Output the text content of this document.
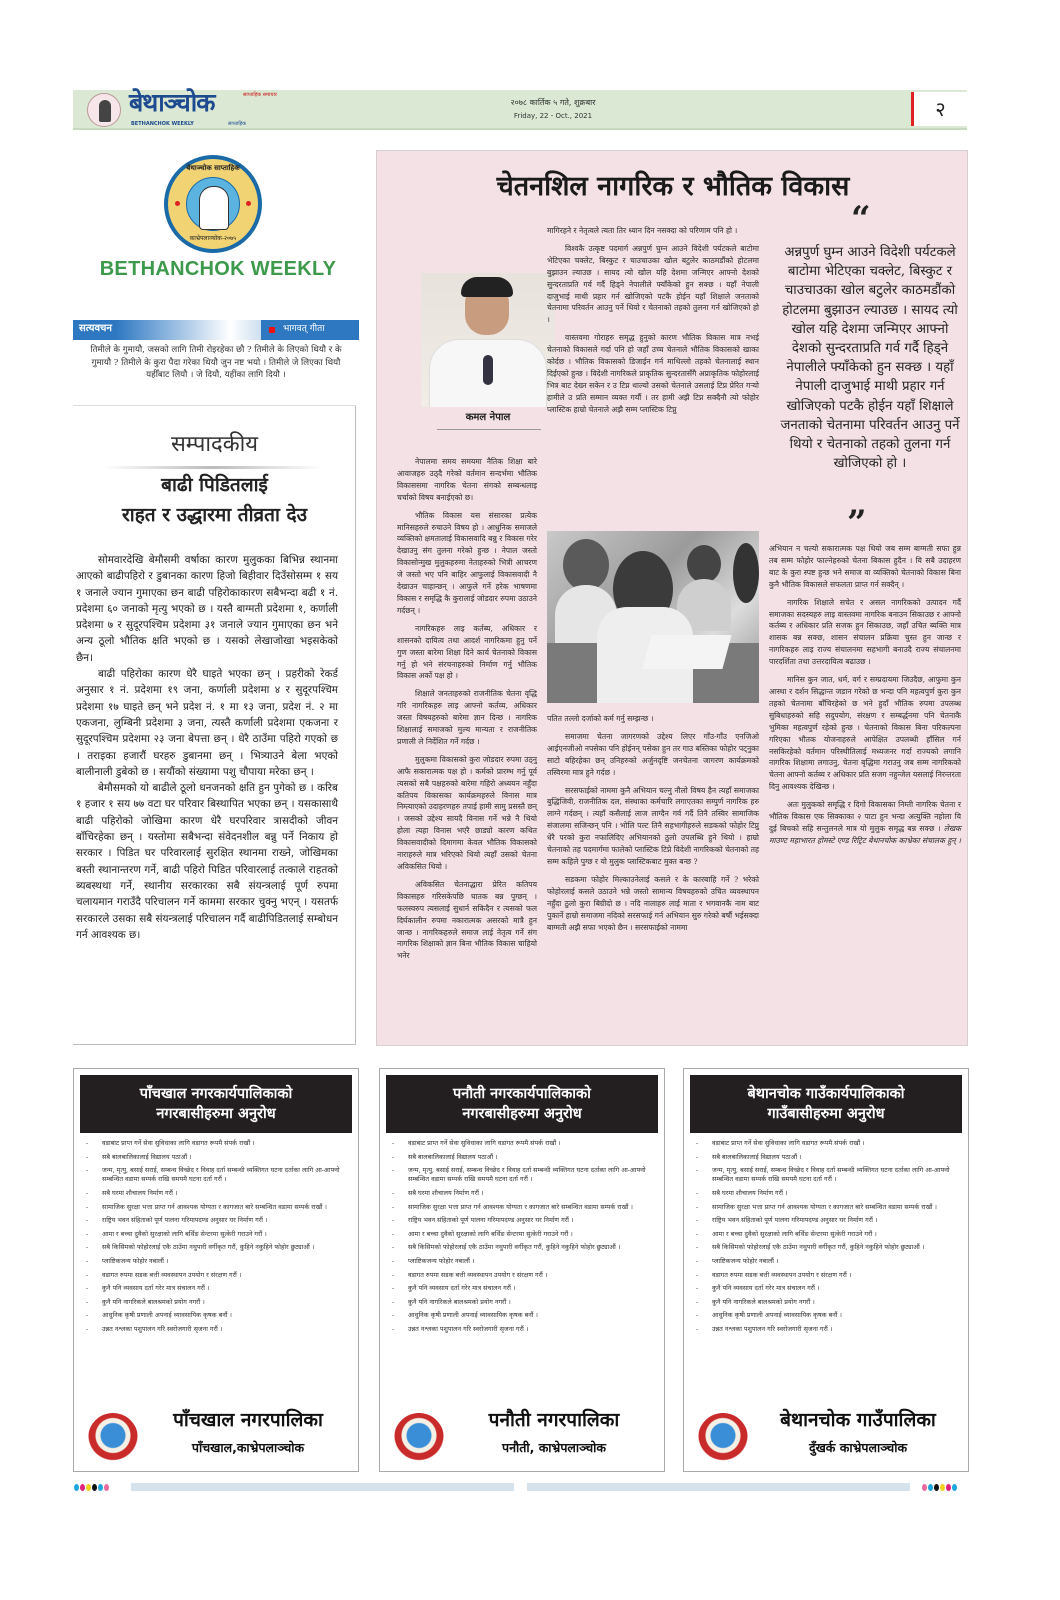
साप्ताहिक समाचार
बेथाञ्चोक
BETHANCHOK WEEKLY	साप्ताहिक
२०७८ कार्तिक ५ गते, शुक्रबार
Friday, 22 - Oct., 2021	२
बेथाञ्चोक साप्ताहिक
काभ्रेपलाञ्चोक-२०७५
BETHANCHOK WEEKLY
सत्यवचन	भागवत् गीता
तिमीले के गुमायौ, जसको लागि तिमी रोइरहेका छौ ? तिमीले के लिएको थियौ र के गुमायौ ? तिमीले के कुरा पैदा गरेका थियौ जुन नष्ट भयो । तिमीले जे लिएका थियौ यहीँबाट लियौ । जे दियौ, यहींका लागि दियौ ।
सम्पादकीय
बाढी पिडितलाई
राहत र उद्धारमा तीव्रता देउ

सोमवारदेखि बेमौसमी वर्षाका कारण मुलुकका बिभिन्न स्थानमा आएको बाढीपहिरो र डुबानका कारण हिजो बिहीवार दिउँसोसम्म १ सय १ जनाले ज्यान गुमाएका छन बाढी पहिरोकाकारण सबैभन्दा बढी १ नं. प्रदेशमा ६० जनाको मृत्यु भएको छ । यस्तै बाग्मती प्रदेशमा १, कर्णाली प्रदेशमा ७ र सुदूरपश्चिम प्रदेशमा ३१ जनाले ज्यान गुमाएका छन भने अन्य ठूलो भौतिक क्षति भएको छ । यसको लेखाजोखा भइसकेको छैन।

बाढी पहिरोका कारण धेरै घाइते भएका छन् । प्रहरीको रेकर्ड अनुसार १ नं. प्रदेशमा १९ जना, कर्णाली प्रदेशमा ४ र सुदूरपश्चिम प्रदेशमा १७ घाइते छन् भने प्रदेश नं. १ मा १३ जना, प्रदेश नं. २ मा एकजना, लुम्बिनी प्रदेशमा ३ जना, त्यस्तै कर्णाली प्रदेशमा एकजना र सुदूरपश्चिम प्रदेशमा २३ जना बेपत्ता छन् । धेरै ठाउँमा पहिरो गएको छ । तराइका हजारौं घरहरु डुबानमा छन् । भित्र्याउने बेला भएको बालीनाली डुबेको छ । सयौंको संख्यामा पशु चौपाया मरेका छन् ।

बेमौसमको यो बाढीले ठूलो धनजनको क्षति हुन पुगेको छ । करिब १ हजार १ सय ७७ वटा घर परिवार बिस्थापित भएका छन् । यसकासाथै बाढी पहिरोको जोखिमा कारण धेरै घरपरिवार त्रासदीको जीवन बाँचिरहेका छन् । यस्तोमा सबैभन्दा संवेदनशील बन्नु पर्ने निकाय हो सरकार । पिडित घर परिवारलाई सुरक्षित स्थानमा राख्ने, जोखिमका बस्ती स्थानान्तरण गर्ने, बाढी पहिरो पिडित परिवारलाई तत्काले राहतको ब्यबस्थथा गर्ने, स्थानीय सरकारका सबै संयन्त्रलाई पूर्ण रुपमा चलायमान गराउँदै परिचालन गर्ने काममा सरकार चुक्नु भएन् । यसतर्फ सरकारले उसका सबै संयन्त्रलाई परिचालन गर्दै बाढीपिडितलाई सम्बोधन गर्न आवश्यक छ।

चेतनशिल नागरिक र भौतिक विकास
“
अन्नपुर्ण घुम्न आउने विदेशी पर्यटकले बाटोमा भेटिएका चक्लेट, बिस्कुट र चाउचाउका खोल बटुलेर काठमडौंको होटलमा बुझाउन ल्याउछ । सायद त्यो खोल यहि देशमा जन्मिएर आफ्नो देशको सुन्दरताप्रति गर्व गर्दै हिड्ने नेपालीले फ्याँकेको हुन सक्छ । यहाँ नेपाली दाजुभाई माथी प्रहार गर्न खोजिएको पटकै होईन यहाँ शिक्षाले जनताको चेतनामा परिवर्तन आउनु पर्ने थियो र चेतनाको तहको तुलना गर्न खोजिएको हो ।
”
कमल नेपाल

नेपालमा समय समयमा नैतिक शिक्षा बारे आवाजहरु उठ्दै गरेको वर्तमान सन्दर्भमा भौतिक विकाससमा नागरिक चेतना संगको सम्बन्धलाइ चर्चाको विषय बनाईएको छ।

भौतिक विकास यस संसारका प्रत्येक मानिसहरुले रुचाउने विषय हो । आधुनिक समाजले व्यक्तिको क्षमतालाई विकासवादि बन्नु र विकास गरेर देखाउनु संग तुलना गरेको हुन्छ । नेपाल जस्तो विकासोन्मुख मुलुकहरुमा नेताहरुको भित्री आचरण जे जस्तो भए पनि बाहिर आफुलाई विकासवादी नै देखाउन चाहान्छन् । आफुले गर्ने हरेक भाषणमा विकास र समृद्धि कै कुरालाई जोडदार रुपमा उठाउने गर्दछन् ।

नागरिकहरु लाइ कर्तब्य, अधिकार र शासनको दायित्व तथा आदर्श नागरिकमा हुनु पर्ने गुण जस्ता बारेमा शिक्षा दिने कार्य चेतनाको विकास गर्नु हो भने संरचनाहरुको निर्माण गर्नु भौतिक विकास अर्को पक्ष हो ।

शिक्षाले जनताहरुको राजनीतिक चेतना वृद्धि गरि नागरिकहरु लाइ आफ्नो कर्तव्य, अधिकार जस्ता विषयहरुको बारेमा ज्ञान दिन्छ । नागरिक शिक्षालाई समाजको मुल्य मान्यता र राजनीतिक प्रणाली ले निर्देशित गर्ने गर्दछ ।

मुलुकमा विकासको कुरा जोडदार रुपमा उठ्नु आफै सकारात्मक पक्ष हो । कर्मको प्रारम्भ गर्नु पूर्व त्यसको सबै पक्षहरुको बारेमा गहिरो अध्ययन नहुँदा कतिपय विकासका कार्यक्रमहरुले विनास मात्र निम्त्याएको उदाहरणहरु तपाई हामी सामु प्रसस्तै छन् । जसको उद्देश्य सायदै विनास गर्ने भन्ने नै थियो होला त्यहा विनास भएरै छाड्यो कारण कथित विकासवादीको दिमागमा केवल भौतिक विकासको नाराहरुले मात्र भरिएको थियो त्यहाँ उसको चेतना अविकसित थियो ।

अविकसित चेतनाद्धारा प्रेरित कतिपय विकासहरु गरिसकेपछि घातक बन्न पुग्छन् । फलस्वरुप त्यसलाई सुधार्न सकिदैन र त्यसको फल दिर्घकालीन रुपमा नकारात्मक असरको मात्रै हुन जान्छ । नागरिकहरुले समाज लाई नेतृत्व गर्ने संग नागरिक शिक्षाको ज्ञान बिना भौतिक विकास चाहियो भनेर

मागिरहने र नेतृत्वले त्यता तिर ध्यान दिन नसक्दा को परिणाम पनि हो ।

विश्वकै उत्कृष्ट पदमार्ग अन्नपुर्ण घुम्न आउने विदेशी पर्यटकले बाटोमा भेटिएका चक्लेट, बिस्कुट र चाउचाउका खोल बटुलेर काठमडौंको होटलमा बुझाउन ल्याउछ । सायद त्यो खोल यहि देशमा जन्मिएर आफ्नो देशको सुन्दरताप्रति गर्व गर्दै हिड्ने नेपालीले फ्याँकेको हुन सक्छ । यहाँ नेपाली दाजुभाई माथी प्रहार गर्न खोजिएको पटकै होईन यहाँ शिक्षाले जनताको चेतनामा परिवर्तन आउनु पर्ने थियो र चेतनाको तहको तुलना गर्न खोजिएको हो ।

वास्तवमा गोराहरु समृद्ध हुनुको कारण भौतिक विकास मात्र नभई चेतनाको विकासले गर्दा पनि हो जहाँ उच्च चेतनाले भौतिक विकासको खाका कोर्दछ । भौतिक विकासको डिजाईन गर्न माथिल्लो तहको चेतनालाई स्थान दिईएको हुन्छ । विदेशी नागरिकले प्राकृतिक सुन्दरतासँगै अप्राकृतिक फोहोरलाई भित्र बाट देख्न सकेन र उ टिप्न थाल्यो उसको चेतनाले उसलाई टिप्न प्रेरित गर्‍यो हामीले उ प्रति सम्मान व्यक्त गर्यौ । तर हामी अझै टिप्न सक्दैनौ त्यो फोहोर प्लास्टिक हाम्रो चेतनाले अझै सम्म प्लास्टिक टिप्नु

पतित तल्लो दर्जाको कर्म गर्नु सम्झन्छ ।

समाजमा चेतना जागरणको उद्देश्य लिएर गाँउ-गाँउ एनजिओ आईएनजीओ नपसेका पनि होईनन् पसेका हुन तर गाउ बस्तिका फोहोर पट्नुका साटो बहिरहेका छन् उनिहरुको अर्जुनदृष्टि जनचेतना जागरण कार्यक्रमको तस्विरमा मात्र हुने गर्दछ ।

सरसफाईको नाममा कुनै अभियान चल्नु नौलो विषय हैन त्यहाँ समाजका बुद्धिजिवी, राजनीतिक दल, संस्थाका कर्मचारि लगाएतका सम्पुर्ण नागरिक हरु लाग्ने गर्दछन् । त्यहाँ कसैलाई लाज लाग्दैन गर्व गर्दै तिनै तस्विर सामाजिक संजालमा सजिन्छन् पनि । भोलि पल्ट तिनै सहभागीहरुले सडकको फोहोर टिप्नु धेरै परको कुरा नफालिदिए अभियानको ठुलो उपलब्धि हुने थियो । हाम्रो चेतनाको तह पदमार्गमा फालेको प्लास्टिक टिप्ने विदेशी नागरिकको चेतनाको तह सम्म कहिले पुग्छ र यो मुलुक प्लास्टिकबाट मुक्त बन्छ ?

सडकमा फोहोर मिल्काउनेलाई कसले र के कारबाहि गर्ने ? भरेको फोहोरलाई कसले उठाउने भन्ने जस्तो सामान्य विषयहरुको उचित व्यवस्थापन नहुँदा ठुलो कुरा बिग्रीदो छ । नदि नालाहरु लाई माता र भगवानकै नाम बाट पुकार्ने हाम्रो समाजमा नदिको सरसफाई गर्न अभियान सुरु गरेको बर्षौ भईसक्दा बाग्मती अझै सफा भएको छैन । सरसफाईको नाममा

अभियान न चल्यो सकारात्मक पक्ष थियो जब सम्म बाग्मती सफा हुन्न तब सम्म फोहोर फाल्नेहरुको चेतना बिकास हुदैन । यि सबै उदाहरण बाट के कुरा स्पष्ट हुन्छ भने समाज वा व्यक्तिको चेतनाको विकास बिना कुनै भौतिक विकासले सफलता प्राप्त गर्न सक्दैन् ।

नागरिक शिक्षाले सचेत र असल नागरिकको उत्पादन गर्दै समाजका सदस्यहरु लाइ वास्तवमा नागरिक बनाउन सिकाउछ र आफ्नो कर्तब्य र अधिकार प्रति सजक हुन सिकाउछ, जहाँ उचित ब्यक्ति मात्र शासक बन्न सक्छ, शासन संचालन प्रक्रिया चुस्त हुन जान्छ र नागरिकहरु लाइ राज्य संचालनमा सहभागी बनाउदै राज्य संचालनमा पारदर्शिता तथा उत्तरदायित्व बढाउछ ।

मानिस कुन जात, धर्म, वर्ग र सम्प्रदायमा जिउदैछ, आफुमा कुन आस्था र दर्शन सिद्धान्त जडान गरेको छ भन्दा पनि महत्वपुर्ण कुरा कुन तहको चेतनामा बाँचिरहेको छ भने हुदाँ भौतिक रुपमा उपलब्ध सुबिधाहरुको सहि सदुपयोग, संरक्षण र सम्बर्द्धनमा पनि चेतनाकै भुमिका महत्वपुर्ण रहेको हुन्छ । चेतनाको विकास बिना परिकल्पना गरिएका भौतक योजनाहरुले आपेक्षित उपलब्धी हाँसिल गर्न नसकिरहेको वर्तमान परिस्थीतिलाई मध्यजनर गर्दा राज्यको लगानि नागरिक शिक्षामा लगाउनु, चेतना बृद्धिमा गराउनु जब सम्म नागरिकको चेतना आफ्नो कर्तब्य र अधिकार प्रति सजग नहुन्जेल यसलाई निरन्तरता दिनु आवश्यक देखिन्छ ।

अतः मुलुकको समृद्धि र दिगो विकासका निम्ती नागरिक चेतना र भौतिक विकास एक सिक्काका २ पाटा हुन भन्दा अत्युक्ति नहोला यि दुई बिचको सहि सन्तुलनले मात्र यो मुलुक समृद्ध बन्न सक्छ । लेखक माउण्ट महाभारत होमस्टे एण्ड रिट्रिट बेथानचोक काभ्रेका संचालक हुन् ।

पाँचखाल नगरकार्यपालिकाको
नगरबासीहरुमा अनुरोध
- वडाबाट प्राप्त गर्ने सेवा सुविधाका लागि वडागत रूपमै संपर्क राखौं ।
- सबै बालबालिकालाई विद्यालय पठाऔं ।
- जन्म, मृत्यु, बसाई सराई, सम्बन्ध विच्छेद र विवाह दर्ता सम्बन्धी व्यक्तिगत घटना दर्ताका लागि आ-आफ्नो सम्बन्धित वडामा सम्पर्क राखि समयमै घटना दर्ता गरौं ।
- सबै घरमा शौचालय निर्माण गरौं ।
- सामाजिक सुरक्षा भत्ता प्राप्त गर्न आवश्यक योग्यता र कागजात बारे सम्बन्धित वडामा सम्पर्क राखौं ।
- राष्ट्रिय भवन संहिताको पूर्ण पालना गरिमापदण्ड अनुसार घर निर्माण गरौं ।
- आमा र बच्चा दुवैको सुरक्षाको लागि बर्थिङ सेन्टरमा सुत्केरी गराउने गरौं ।
- सबै किसिमको फोहोरलाई एकै ठाउँमा नथुपारी वर्गीकृत गरौं, कुहिने नकुहिने फोहोर छुट्याऔं ।
- प्लाष्टिकजन्य फोहोर नबालौं ।
- वडागत रुपमा सडक बत्ती व्यवस्थापन उपयोग र संरक्षण गरौं ।
- कुनै पनि व्यवसाय दर्ता गरेर मात्र संचालन गरौं ।
- कुनै पनि नागरिकले बालश्रमको प्रयोग नगरौं ।
- आधुनिक कृषी प्रणाली अपनाई व्यावसायिक कृषक बनौं ।
- उन्नत नश्लका पशुपालन गरि स्वरोजगारी सृजना गरौं ।
पाँचखाल नगरपालिका
पाँचखाल,काभ्रेपलाञ्चोक
पनौती नगरकार्यपालिकाको
नगरबासीहरुमा अनुरोध
- वडाबाट प्राप्त गर्ने सेवा सुविधाका लागि वडागत रूपमै संपर्क राखौं ।
- सबै बालबालिकालाई विद्यालय पठाऔं ।
- जन्म, मृत्यु, बसाई सराई, सम्बन्ध विच्छेद र विवाह दर्ता सम्बन्धी व्यक्तिगत घटना दर्ताका लागि आ-आफ्नो सम्बन्धित वडामा सम्पर्क राखि समयमै घटना दर्ता गरौं ।
- सबै घरमा शौचालय निर्माण गरौं ।
- सामाजिक सुरक्षा भत्ता प्राप्त गर्न आवश्यक योग्यता र कागजात बारे सम्बन्धित वडामा सम्पर्क राखौं ।
- राष्ट्रिय भवन संहिताको पूर्ण पालना गरिमापदण्ड अनुसार घर निर्माण गरौं ।
- आमा र बच्चा दुवैको सुरक्षाको लागि बर्थिङ सेन्टरमा सुत्केरी गराउने गरौं ।
- सबै किसिमको फोहोरलाई एकै ठाउँमा नथुपारी वर्गीकृत गरौं, कुहिने नकुहिने फोहोर छुट्याऔं ।
- प्लाष्टिकजन्य फोहोर नबालौं ।
- वडागत रुपमा सडक बत्ती व्यवस्थापन उपयोग र संरक्षण गरौं ।
- कुनै पनि व्यवसाय दर्ता गरेर मात्र संचालन गरौं ।
- कुनै पनि नागरिकले बालश्रमको प्रयोग नगरौं ।
- आधुनिक कृषी प्रणाली अपनाई व्यावसायिक कृषक बनौं ।
- उन्नत नश्लका पशुपालन गरि स्वरोजगारी सृजना गरौं ।
पनौती नगरपालिका
पनौती, काभ्रेपलाञ्चोक
बेथानचोक गाउँकार्यपालिकाको
गाउँबासीहरुमा अनुरोध
- वडाबाट प्राप्त गर्ने सेवा सुविधाका लागि वडागत रूपमै संपर्क राखौं ।
- सबै बालबालिकालाई विद्यालय पठाऔं ।
- जन्म, मृत्यु, बसाई सराई, सम्बन्ध विच्छेद र विवाह दर्ता सम्बन्धी व्यक्तिगत घटना दर्ताका लागि आ-आफ्नो सम्बन्धित वडामा सम्पर्क राखि समयमै घटना दर्ता गरौं ।
- सबै घरमा शौचालय निर्माण गरौं ।
- सामाजिक सुरक्षा भत्ता प्राप्त गर्न आवश्यक योग्यता र कागजात बारे सम्बन्धित वडामा सम्पर्क राखौं ।
- राष्ट्रिय भवन संहिताको पूर्ण पालना गरिमापदण्ड अनुसार घर निर्माण गरौं ।
- आमा र बच्चा दुवैको सुरक्षाको लागि बर्थिङ सेन्टरमा सुत्केरी गराउने गरौं ।
- सबै किसिमको फोहोरलाई एकै ठाउँमा नथुपारी वर्गीकृत गरौं, कुहिने नकुहिने फोहोर छुट्याऔं ।
- प्लाष्टिकजन्य फोहोर नबालौं ।
- वडागत रुपमा सडक बत्ती व्यवस्थापन उपयोग र संरक्षण गरौं ।
- कुनै पनि व्यवसाय दर्ता गरेर मात्र संचालन गरौं ।
- कुनै पनि नागरिकले बालश्रमको प्रयोग नगरौं ।
- आधुनिक कृषी प्रणाली अपनाई व्यावसायिक कृषक बनौं ।
- उन्नत नश्लका पशुपालन गरि स्वरोजगारी सृजना गरौं ।
बेथानचोक गाउँपालिका
दुँखर्क काभ्रेपलाञ्चोक
